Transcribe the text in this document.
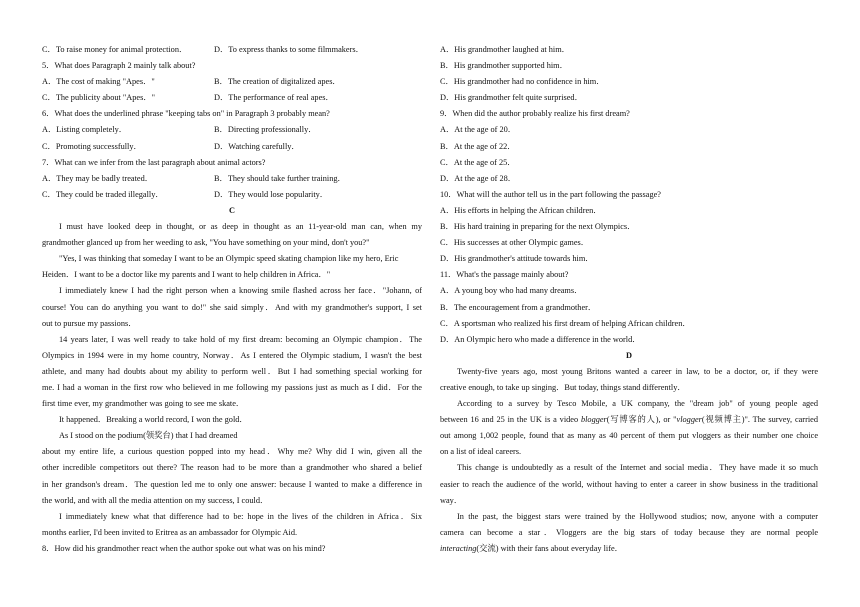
C．To raise money for animal protection．	D．To express thanks to some filmmakers．
5．What does Paragraph 2 mainly talk about?
A．The cost of making "Apes．"	B．The creation of digitalized apes．
C．The publicity about "Apes．"	D．The performance of real apes．
6．What does the underlined phrase "keeping tabs on" in Paragraph 3 probably mean?
A．Listing completely．	B．Directing professionally．
C．Promoting successfully．	D．Watching carefully．
7．What can we infer from the last paragraph about animal actors?
A．They may be badly treated．	B．They should take further training．
C．They could be traded illegally．	D．They would lose popularity．
C
I must have looked deep in thought, or as deep in thought as an 11-year-old man can, when my
grandmother glanced up from her weeding to ask, "You have something on your mind, don't you?"
"Yes, I was thinking that someday I want to be an Olympic speed skating champion like my hero, Eric
Heiden．I want to be a doctor like my parents and I want to help children in Africa．"
I immediately knew I had the right person when a knowing smile flashed across her face．"Johann, of
course! You can do anything you want to do!" she said simply．And with my grandmother's support, I set
out to pursue my passions．
14 years later, I was well ready to take hold of my first dream: becoming an Olympic champion．The
Olympics in 1994 were in my home country, Norway．As I entered the Olympic stadium, I wasn't the best
athlete, and many had doubts about my ability to perform well．But I had something special working for
me. I had a woman in the first row who believed in me following my passions just as much as I did．For the
first time ever, my grandmother was going to see me skate．
It happened．Breaking a world record, I won the gold．
As I stood on the podium(领奖台) that I had dreamed
about my entire life, a curious question popped into my head．Why me? Why did I win, given all the
other incredible competitors out there? The reason had to be more than a grandmother who shared a belief
in her grandson's dream．The question led me to only one answer: because I wanted to make a difference in
the world, and with all the media attention on my success, I could．
I immediately knew what that difference had to be: hope in the lives of the children in Africa．Six
months earlier, I'd been invited to Eritrea as an ambassador for Olympic Aid.
8．How did his grandmother react when the author spoke out what was on his mind?
A．His grandmother laughed at him．
B．His grandmother supported him．
C．His grandmother had no confidence in him．
D．His grandmother felt quite surprised．
9．When did the author probably realize his first dream?
A．At the age of 20．
B．At the age of 22．
C．At the age of 25．
D．At the age of 28．
10．What will the author tell us in the part following the passage?
A．His efforts in helping the African children．
B．His hard training in preparing for the next Olympics．
C．His successes at other Olympic games．
D．His grandmother's attitude towards him．
11．What's the passage mainly about?
A．A young boy who had many dreams．
B．The encouragement from a grandmother．
C．A sportsman who realized his first dream of helping African children．
D．An Olympic hero who made a difference in the world．
D
Twenty-five years ago, most young Britons wanted a career in law, to be a doctor, or, if they were
creative enough, to take up singing．But today, things stand differently．
According to a survey by Tesco Mobile, a UK company, the "dream job" of young people aged
between 16 and 25 in the UK is a video blogger(写博客的人), or "vlogger(视频博主)". The survey, carried
out among 1,002 people, found that as many as 40 percent of them put vloggers as their number one choice
on a list of ideal careers.
This change is undoubtedly as a result of the Internet and social media．They have made it so much
easier to reach the audience of the world, without having to enter a career in show business in the traditional
way．
In the past, the biggest stars were trained by the Hollywood studios; now, anyone with a computer
camera can become a star．Vloggers are the big stars of today because they are normal people
interacting(交流) with their fans about everyday life．
